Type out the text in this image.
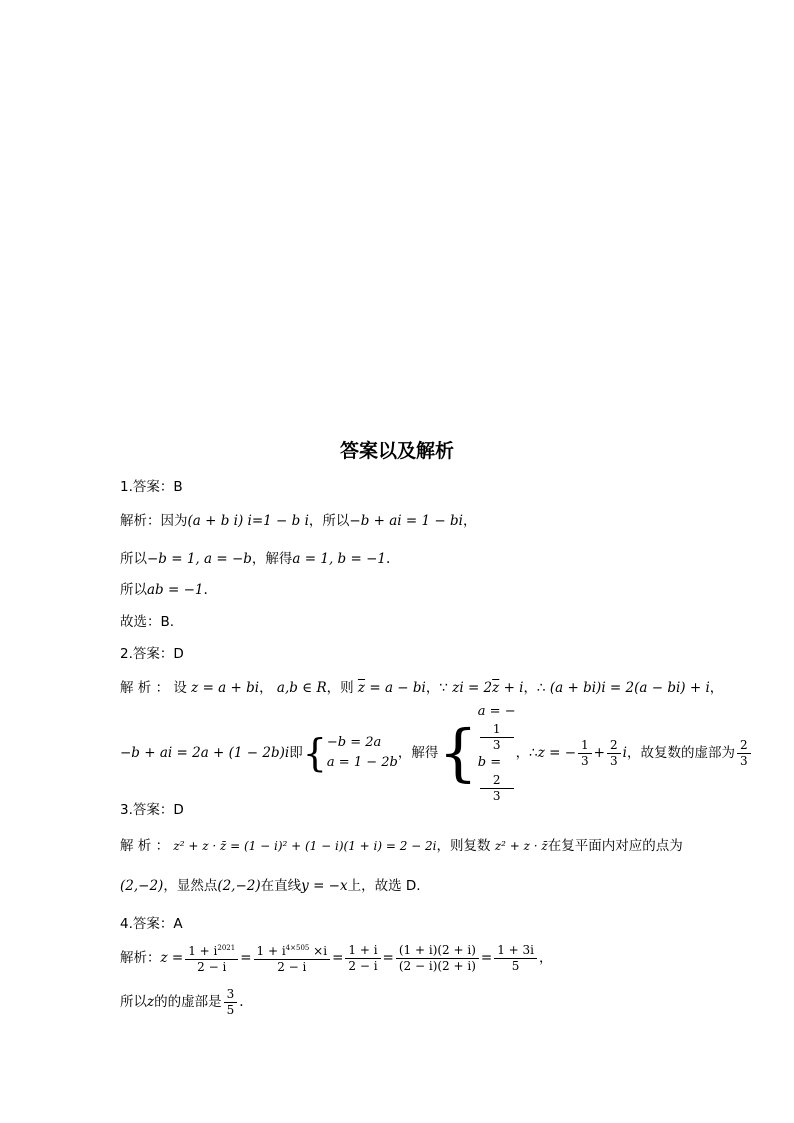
答案以及解析
1.答案：B
解析：因为(a + b i) i=1 − b i，所以−b + ai = 1 − bi，
所以−b = 1, a = −b，解得a = 1, b = −1.
所以ab = −1.
故选：B.
2.答案：D
解 析 ： 设 z = a + bi， a,b ∈ R，则 $\overline{z} = a$ − bi，∵ zi = $2\overline{z} + i$，∴ (a + bi)i = 2(a − bi) + i，
−b + ai = 2a + (1 − 2b)i 即 { −b = 2a
a = 1 − 2b
，解得 {
a = −
1
3
b =
2
3
，∴ z = − $\frac{1}{3} + \frac{2}{3}$ i ，故复数的虚部为 $\frac{2}{3}$
3.答案：D
解 析 ： z² + z · z̄ = (1 − i)² + (1 − i)(1 + i) = 2 − 2i，则复数 z² + z · z̄在复平面内对应的点为
(2,−2)，显然点(2,−2)在直线y = −x上，故选 D.
4.答案：A
解析： $z = \frac{1 + i^{2021}}{2 - i} = \frac{1 + i^{4\times 505} \times i}{2 - i} = \frac{1 + i}{2 - i} = \frac{(1 + i)(2 + i)}{(2 - i)(2 + i)} = \frac{1 + 3i}{5}$ ，
所以 z 的的虚部是 $\frac{3}{5}$ .
